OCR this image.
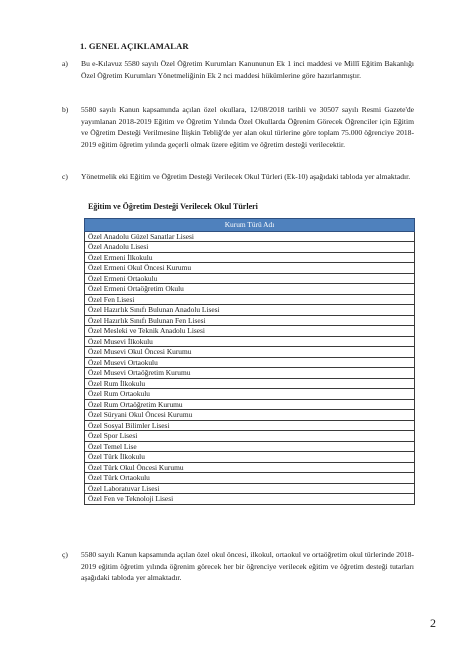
1. GENEL AÇIKLAMALAR
a)	Bu e-Kılavuz 5580 sayılı Özel Öğretim Kurumları Kanununun Ek 1 inci maddesi ve Millî Eğitim Bakanlığı Özel Öğretim Kurumları Yönetmeliğinin Ek 2 nci maddesi hükümlerine göre hazırlanmıştır.
b)	5580 sayılı Kanun kapsamında açılan özel okullara, 12/08/2018 tarihli ve 30507 sayılı Resmi Gazete'de yayımlanan 2018-2019 Eğitim ve Öğretim Yılında Özel Okullarda Öğrenim Görecek Öğrenciler için Eğitim ve Öğretim Desteği Verilmesine İlişkin Tebliğ'de yer alan okul türlerine göre toplam 75.000 öğrenciye 2018-2019 eğitim öğretim yılında geçerli olmak üzere eğitim ve öğretim desteği verilecektir.
c)	Yönetmelik eki Eğitim ve Öğretim Desteği Verilecek Okul Türleri (Ek-10) aşağıdaki tabloda yer almaktadır.
Eğitim ve Öğretim Desteği Verilecek Okul Türleri
Kurum Türü Adı
Özel Anadolu Güzel Sanatlar Lisesi
Özel Anadolu Lisesi
Özel Ermeni İlkokulu
Özel Ermeni Okul Öncesi Kurumu
Özel Ermeni Ortaokulu
Özel Ermeni Ortaöğretim Okulu
Özel Fen Lisesi
Özel Hazırlık Sınıfı Bulunan Anadolu Lisesi
Özel Hazırlık Sınıfı Bulunan Fen Lisesi
Özel Mesleki ve Teknik Anadolu Lisesi
Özel Musevi İlkokulu
Özel Musevi Okul Öncesi Kurumu
Özel Musevi Ortaokulu
Özel Musevi Ortaöğretim Kurumu
Özel Rum İlkokulu
Özel Rum Ortaokulu
Özel Rum Ortaöğretim Kurumu
Özel Süryani Okul Öncesi Kurumu
Özel Sosyal Bilimler Lisesi
Özel Spor Lisesi
Özel Temel Lise
Özel Türk İlkokulu
Özel Türk Okul Öncesi Kurumu
Özel Türk Ortaokulu
Özel Laboratuvar Lisesi
Özel Fen ve Teknoloji Lisesi
ç)	5580 sayılı Kanun kapsamında açılan özel okul öncesi, ilkokul, ortaokul ve ortaöğretim okul türlerinde 2018-2019 eğitim öğretim yılında öğrenim görecek her bir öğrenciye verilecek eğitim ve öğretim desteği tutarları aşağıdaki tabloda yer almaktadır.
2
